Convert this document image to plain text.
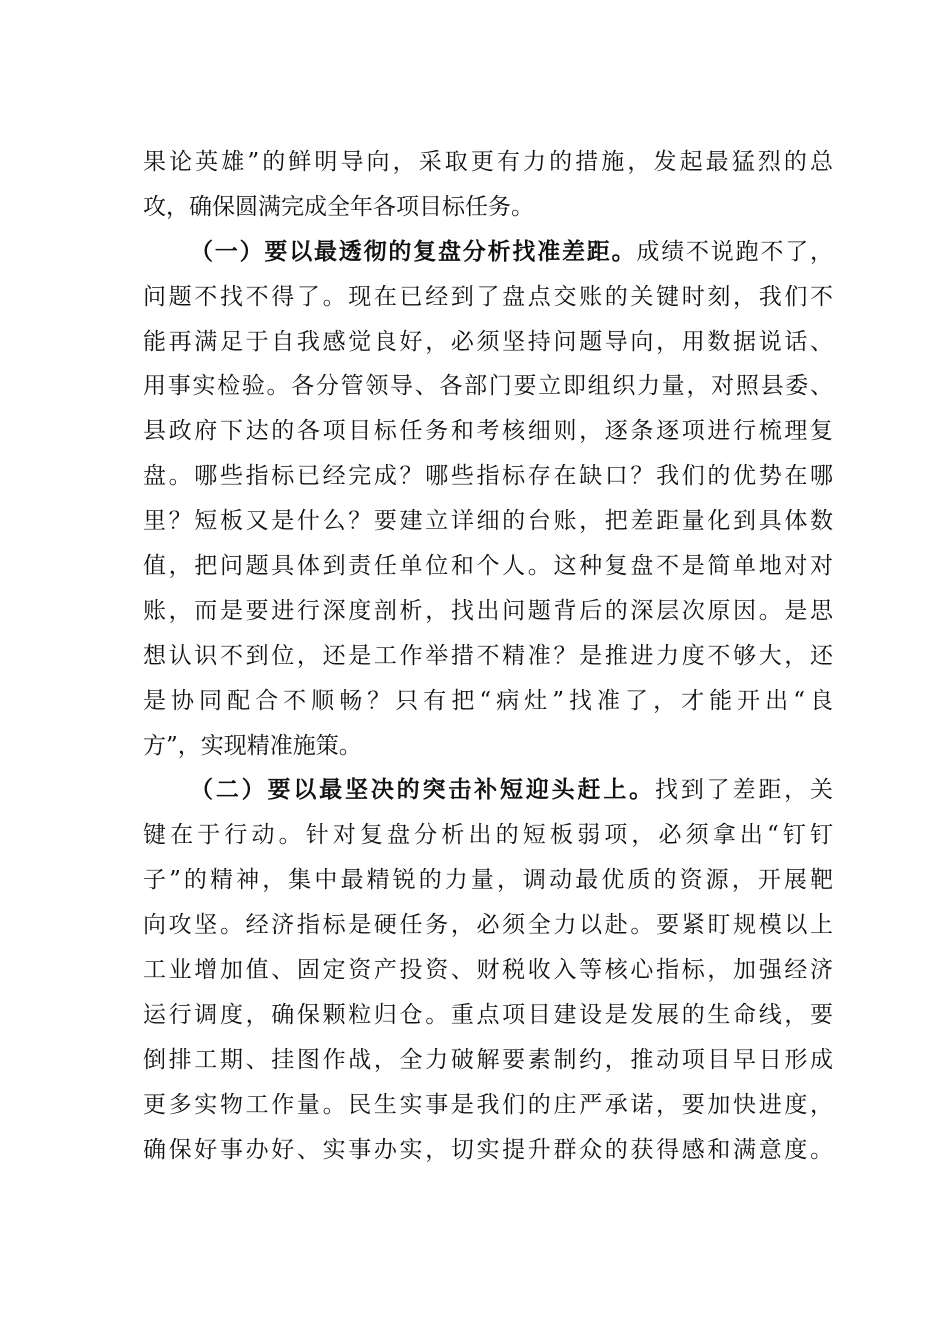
果论英雄”的鲜明导向，采取更有力的措施，发起最猛烈的总
攻，确保圆满完成全年各项目标任务。
（一）要以最透彻的复盘分析找准差距。成绩不说跑不了，
问题不找不得了。现在已经到了盘点交账的关键时刻，我们不
能再满足于自我感觉良好，必须坚持问题导向，用数据说话、
用事实检验。各分管领导、各部门要立即组织力量，对照县委、
县政府下达的各项目标任务和考核细则，逐条逐项进行梳理复
盘。哪些指标已经完成？哪些指标存在缺口？我们的优势在哪
里？短板又是什么？要建立详细的台账，把差距量化到具体数
值，把问题具体到责任单位和个人。这种复盘不是简单地对对
账，而是要进行深度剖析，找出问题背后的深层次原因。是思
想认识不到位，还是工作举措不精准？是推进力度不够大，还
是协同配合不顺畅？只有把“病灶”找准了，才能开出“良
方”，实现精准施策。
（二）要以最坚决的突击补短迎头赶上。找到了差距，关
键在于行动。针对复盘分析出的短板弱项，必须拿出“钉钉
子”的精神，集中最精锐的力量，调动最优质的资源，开展靶
向攻坚。经济指标是硬任务，必须全力以赴。要紧盯规模以上
工业增加值、固定资产投资、财税收入等核心指标，加强经济
运行调度，确保颗粒归仓。重点项目建设是发展的生命线，要
倒排工期、挂图作战，全力破解要素制约，推动项目早日形成
更多实物工作量。民生实事是我们的庄严承诺，要加快进度，
确保好事办好、实事办实，切实提升群众的获得感和满意度。
